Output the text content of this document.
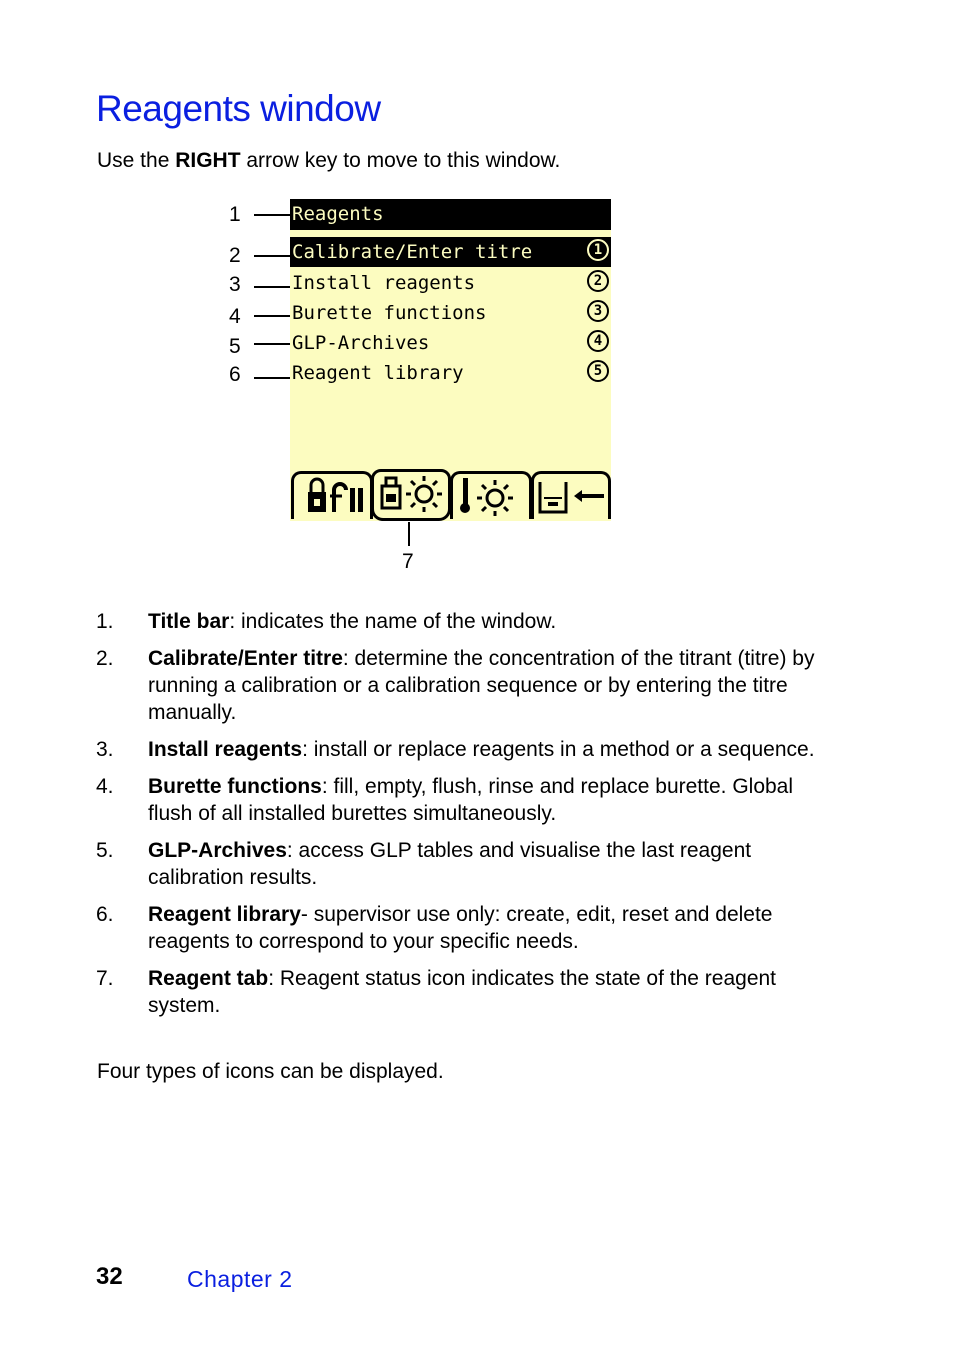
Reagents window
Use the RIGHT arrow key to move to this window.
Reagents
Calibrate/Enter titre	1
Install reagents	2
Burette functions	3
GLP-Archives	4
Reagent library	5
1
2
3
4
5
6
7
1. Title bar: indicates the name of the window.
2. Calibrate/Enter titre: determine the concentration of the titrant (titre) by running a calibration or a calibration sequence or by entering the titre manually.
3. Install reagents: install or replace reagents in a method or a sequence.
4. Burette functions: fill, empty, flush, rinse and replace burette. Global flush of all installed burettes simultaneously.
5. GLP-Archives: access GLP tables and visualise the last reagent calibration results.
6. Reagent library- supervisor use only: create, edit, reset and delete reagents to correspond to your specific needs.
7. Reagent tab: Reagent status icon indicates the state of the reagent system.
Four types of icons can be displayed.
32	Chapter 2
